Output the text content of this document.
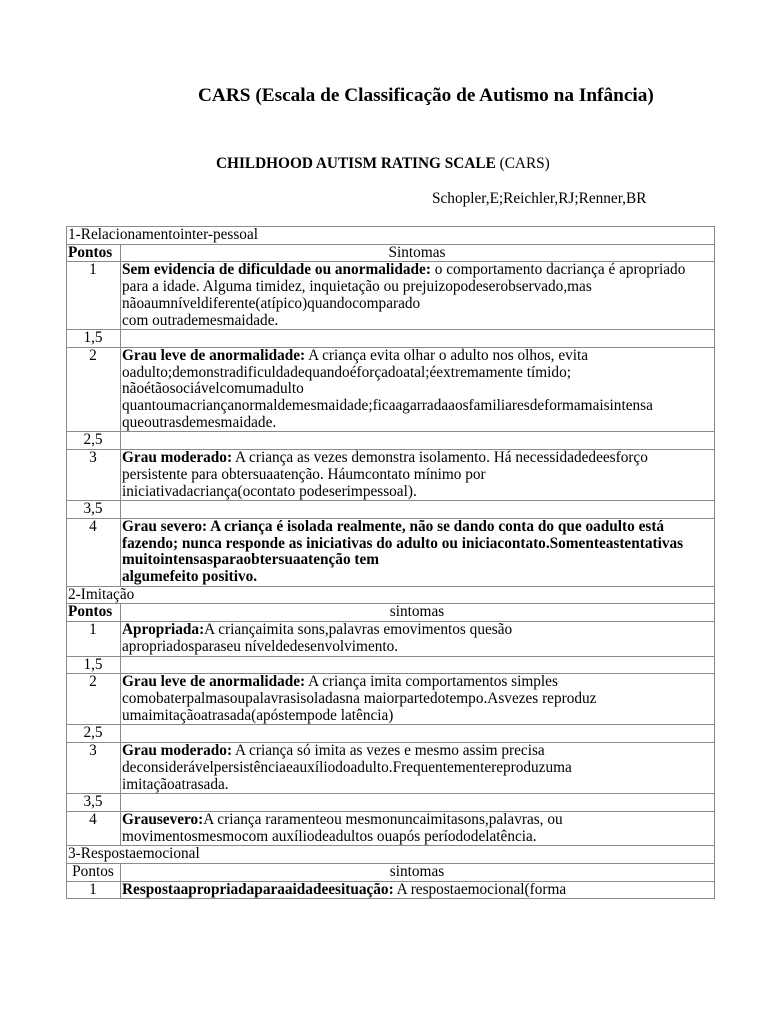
CARS (Escala de Classificação de Autismo na Infância)
CHILDHOOD AUTISM RATING SCALE (CARS)
Schopler,E;Reichler,RJ;Renner,BR
1-Relacionamentointer-pessoal	
Pontos	Sintomas
1	Sem evidencia de dificuldade ou anormalidade: o comportamento dacriança é apropriado
para a idade. Alguma timidez, inquietação ou prejuizopodeserobservado,mas
nãoaumníveldiferente(atípico)quandocomparado
com outrademesmaidade.

1,5	
2	Grau leve de anormalidade: A criança evita olhar o adulto nos olhos, evita
oadulto;demonstradificuldadequandoéforçadoatal;éextremamente tímido;
nãoétãosociávelcomumadulto
quantoumacriançanormaldemesmaidade;ficaagarradaaosfamiliaresdeformamaisintensa
queoutrasdemesmaidade.

2,5	
3	Grau moderado: A criança as vezes demonstra isolamento. Há necessidadedeesforço
persistente para obtersuaatenção. Háumcontato mínimo por
iniciativadacriança(ocontato podeserimpessoal).

3,5	
4	Grau severo: A criança é isolada realmente, não se dando conta do que oadulto está
fazendo; nunca responde as iniciativas do adulto ou iniciacontato.Somenteastentativas
muitointensasparaobtersuaatenção tem
algumefeito positivo.

2-Imitação	
Pontos	sintomas
1	Apropriada:A criançaimita sons,palavras emovimentos quesão
apropriadosparaseu níveldedesenvolvimento.

1,5	
2	Grau leve de anormalidade: A criança imita comportamentos simples
comobaterpalmasoupalavrasisoladasna maiorpartedotempo.Asvezes reproduz
umaimitaçãoatrasada(apóstempode latência)

2,5	
3	Grau moderado: A criança só imita as vezes e mesmo assim precisa
deconsiderávelpersistênciaeauxíliodoadulto.Frequentementereproduzuma
imitaçãoatrasada.

3,5	
4	Grausevero:A criança raramenteou mesmonuncaimitasons,palavras, ou
movimentosmesmocom auxíliodeadultos ouapós períododelatência.

3-Respostaemocional	
Pontos	sintomas
1	Respostaapropriadaparaaidadeesituação: A respostaemocional(forma
